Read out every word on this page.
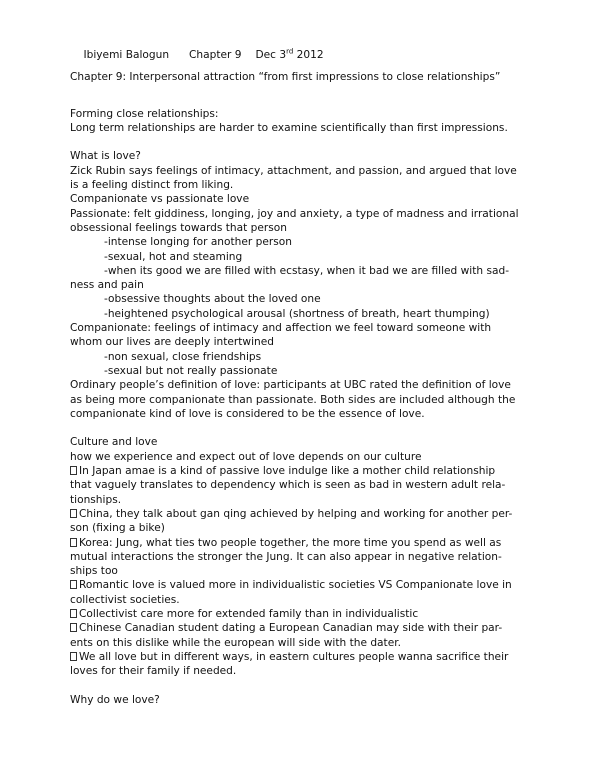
Ibiyemi Balogun Chapter 9 Dec 3rd 2012

Chapter 9: Interpersonal attraction “from first impressions to close relationships”
Forming close relationships:
Long term relationships are harder to examine scientifically than first impressions.
What is love?
Zick Rubin says feelings of intimacy, attachment, and passion, and argued that love
is a feeling distinct from liking.
Companionate vs passionate love
Passionate: felt giddiness, longing, joy and anxiety, a type of madness and irrational
obsessional feelings towards that person
-intense longing for another person
-sexual, hot and steaming
-when its good we are filled with ecstasy, when it bad we are filled with sad-
ness and pain
-obsessive thoughts about the loved one
-heightened psychological arousal (shortness of breath, heart thumping)
Companionate: feelings of intimacy and affection we feel toward someone with
whom our lives are deeply intertwined
-non sexual, close friendships
-sexual but not really passionate
Ordinary people’s definition of love: participants at UBC rated the definition of love
as being more companionate than passionate. Both sides are included although the
companionate kind of love is considered to be the essence of love.
Culture and love
how we experience and expect out of love depends on our culture
In Japan amae is a kind of passive love indulge like a mother child relationship
that vaguely translates to dependency which is seen as bad in western adult rela-
tionships.
China, they talk about gan qing achieved by helping and working for another per-
son (fixing a bike)
Korea: Jung, what ties two people together, the more time you spend as well as
mutual interactions the stronger the Jung. It can also appear in negative relation-
ships too
Romantic love is valued more in individualistic societies VS Companionate love in
collectivist societies.
Collectivist care more for extended family than in individualistic
Chinese Canadian student dating a European Canadian may side with their par-
ents on this dislike while the european will side with the dater.
We all love but in different ways, in eastern cultures people wanna sacrifice their
loves for their family if needed.
Why do we love?
